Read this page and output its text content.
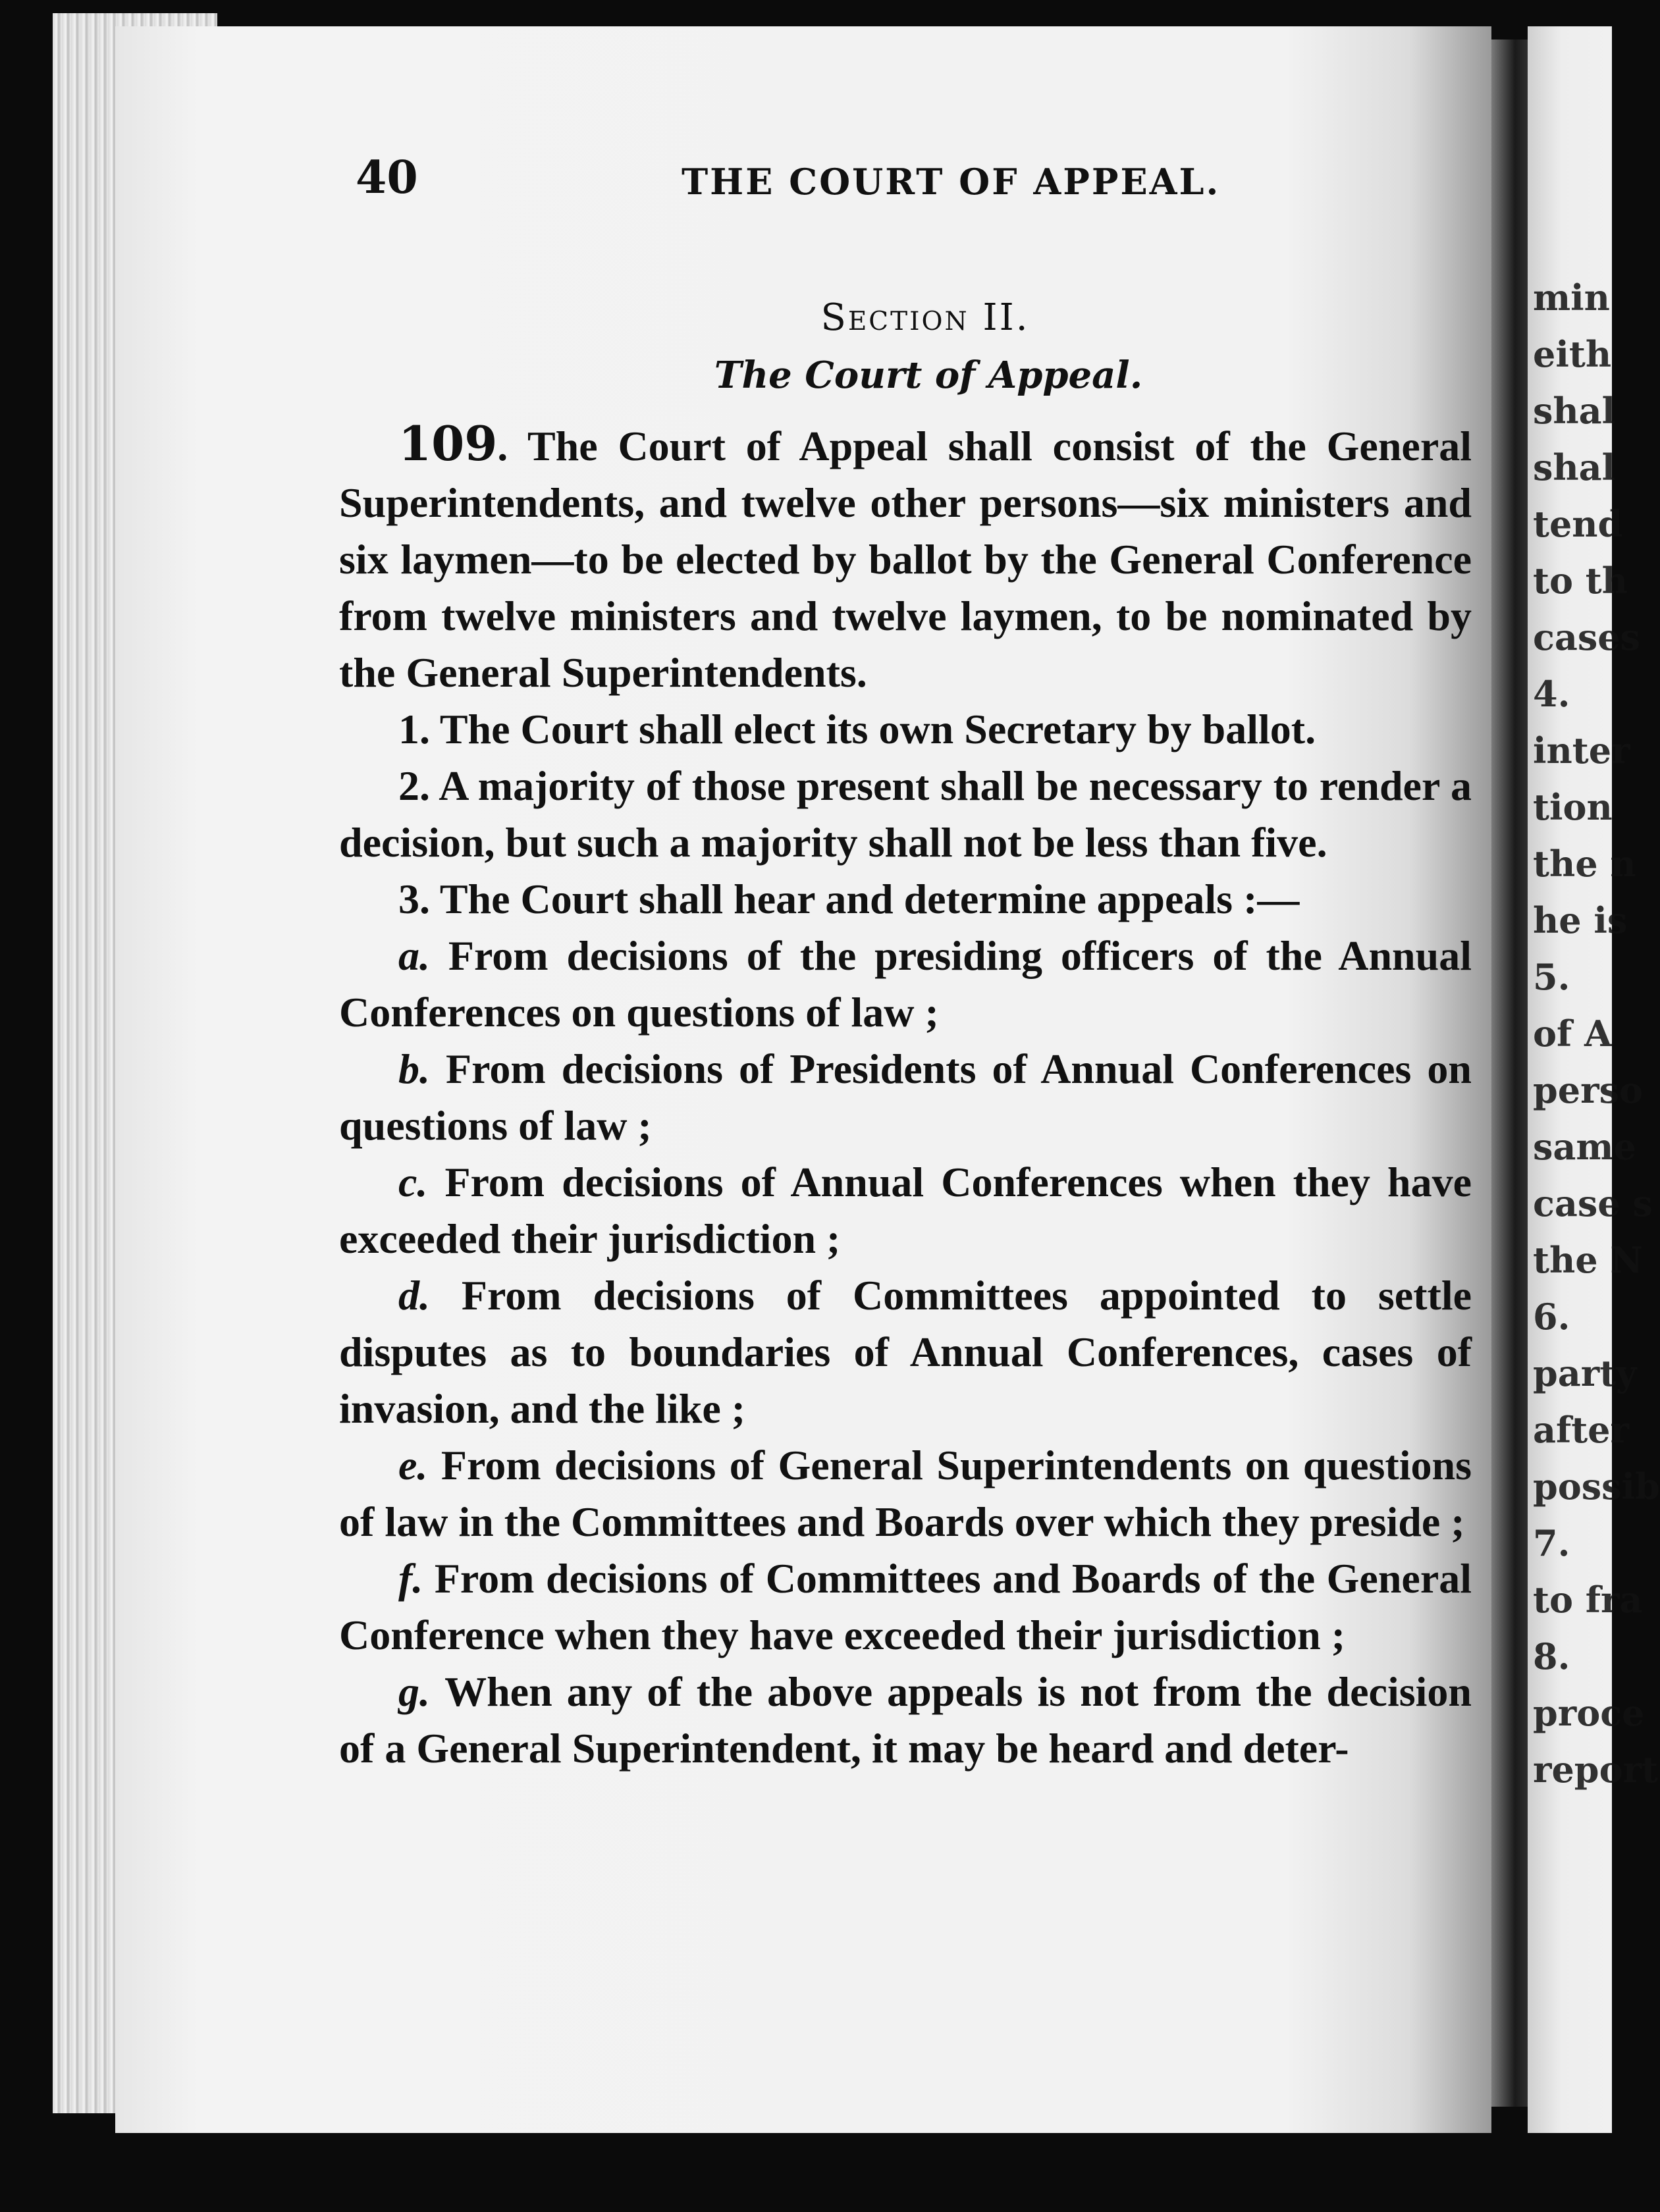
min
eith
shal
shal
tend
to th
cases
4.
inter
tion
the n
he is
5.
of A
perso
same
case s
the N
6.
party
after
possib
7.
to fra
8.
proce
report
40	THE COURT OF APPEAL.
Section II.
The Court of Appeal.

109. The Court of Appeal shall consist of the General Superintendents, and twelve other persons—six ministers and six laymen—to be elected by ballot by the General Conference from twelve ministers and twelve laymen, to be nominated by the General Superintendents.

1. The Court shall elect its own Secretary by ballot.

2. A majority of those present shall be necessary to render a decision, but such a majority shall not be less than five.

3. The Court shall hear and determine appeals :—

a. From decisions of the presiding officers of the Annual Conferences on questions of law ;

b. From decisions of Presidents of Annual Conferences on questions of law ;

c. From decisions of Annual Conferences when they have exceeded their jurisdiction ;

d. From decisions of Committees appointed to settle disputes as to boundaries of Annual Conferences, cases of invasion, and the like ;

e. From decisions of General Superintendents on questions of law in the Committees and Boards over which they preside ;

f. From decisions of Committees and Boards of the General Conference when they have exceeded their jurisdiction ;

g. When any of the above appeals is not from the decision of a General Superintendent, it may be heard and deter-
